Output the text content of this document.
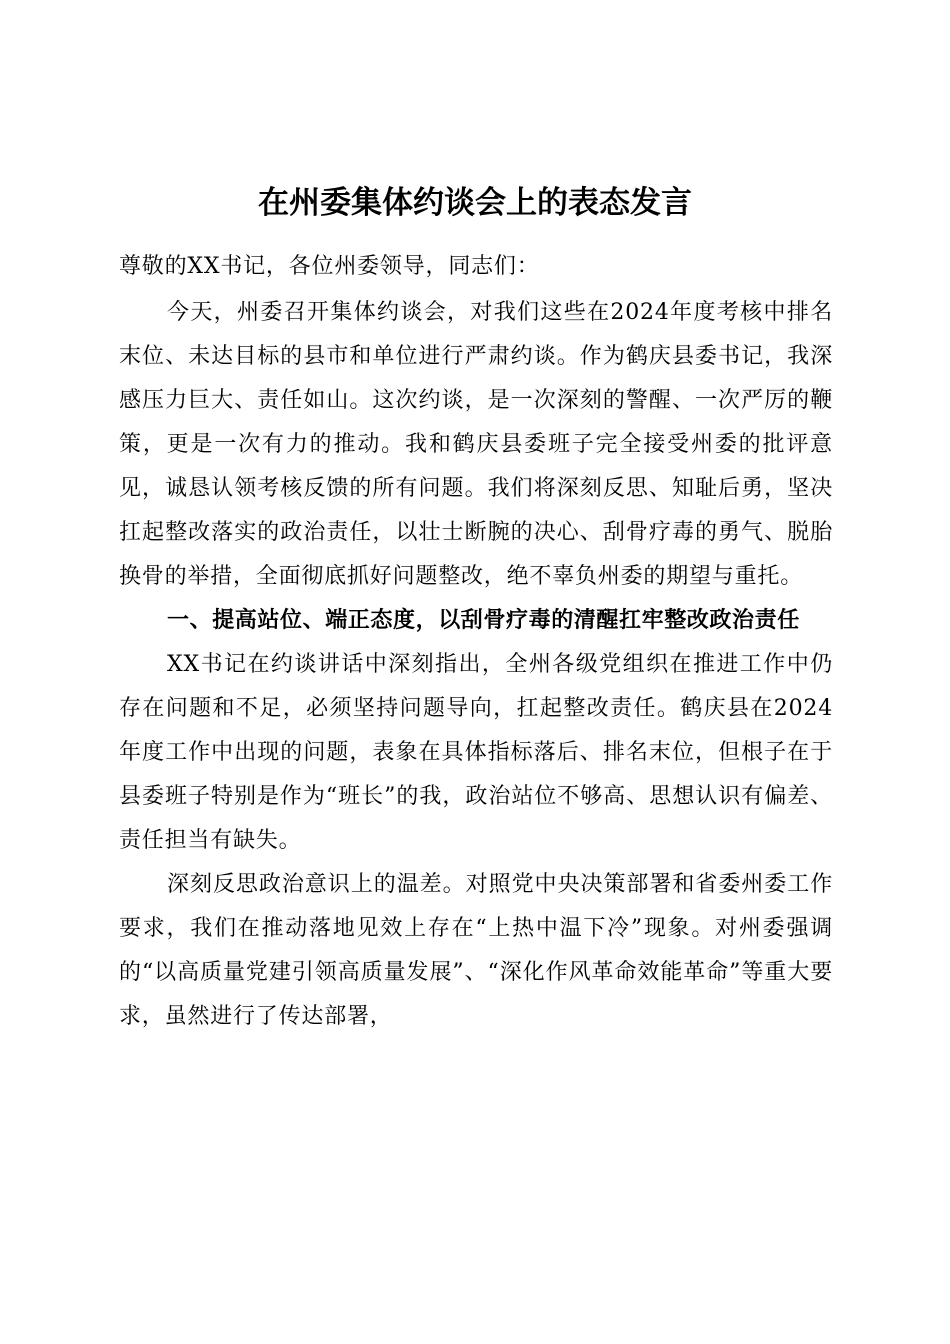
在州委集体约谈会上的表态发言

尊敬的XX书记，各位州委领导，同志们：

今天，州委召开集体约谈会，对我们这些在2024年度考核中排名末位、未达目标的县市和单位进行严肃约谈。作为鹤庆县委书记，我深感压力巨大、责任如山。这次约谈，是一次深刻的警醒、一次严厉的鞭策，更是一次有力的推动。我和鹤庆县委班子完全接受州委的批评意见，诚恳认领考核反馈的所有问题。我们将深刻反思、知耻后勇，坚决扛起整改落实的政治责任，以壮士断腕的决心、刮骨疗毒的勇气、脱胎换骨的举措，全面彻底抓好问题整改，绝不辜负州委的期望与重托。

一、提高站位、端正态度，以刮骨疗毒的清醒扛牢整改政治责任

XX书记在约谈讲话中深刻指出，全州各级党组织在推进工作中仍存在问题和不足，必须坚持问题导向，扛起整改责任。鹤庆县在2024年度工作中出现的问题，表象在具体指标落后、排名末位，但根子在于县委班子特别是作为“班长”的我，政治站位不够高、思想认识有偏差、责任担当有缺失。

深刻反思政治意识上的温差。对照党中央决策部署和省委州委工作要求，我们在推动落地见效上存在“上热中温下冷”现象。对州委强调的“以高质量党建引领高质量发展”、“深化作风革命效能革命”等重大要求，虽然进行了传达部署，
